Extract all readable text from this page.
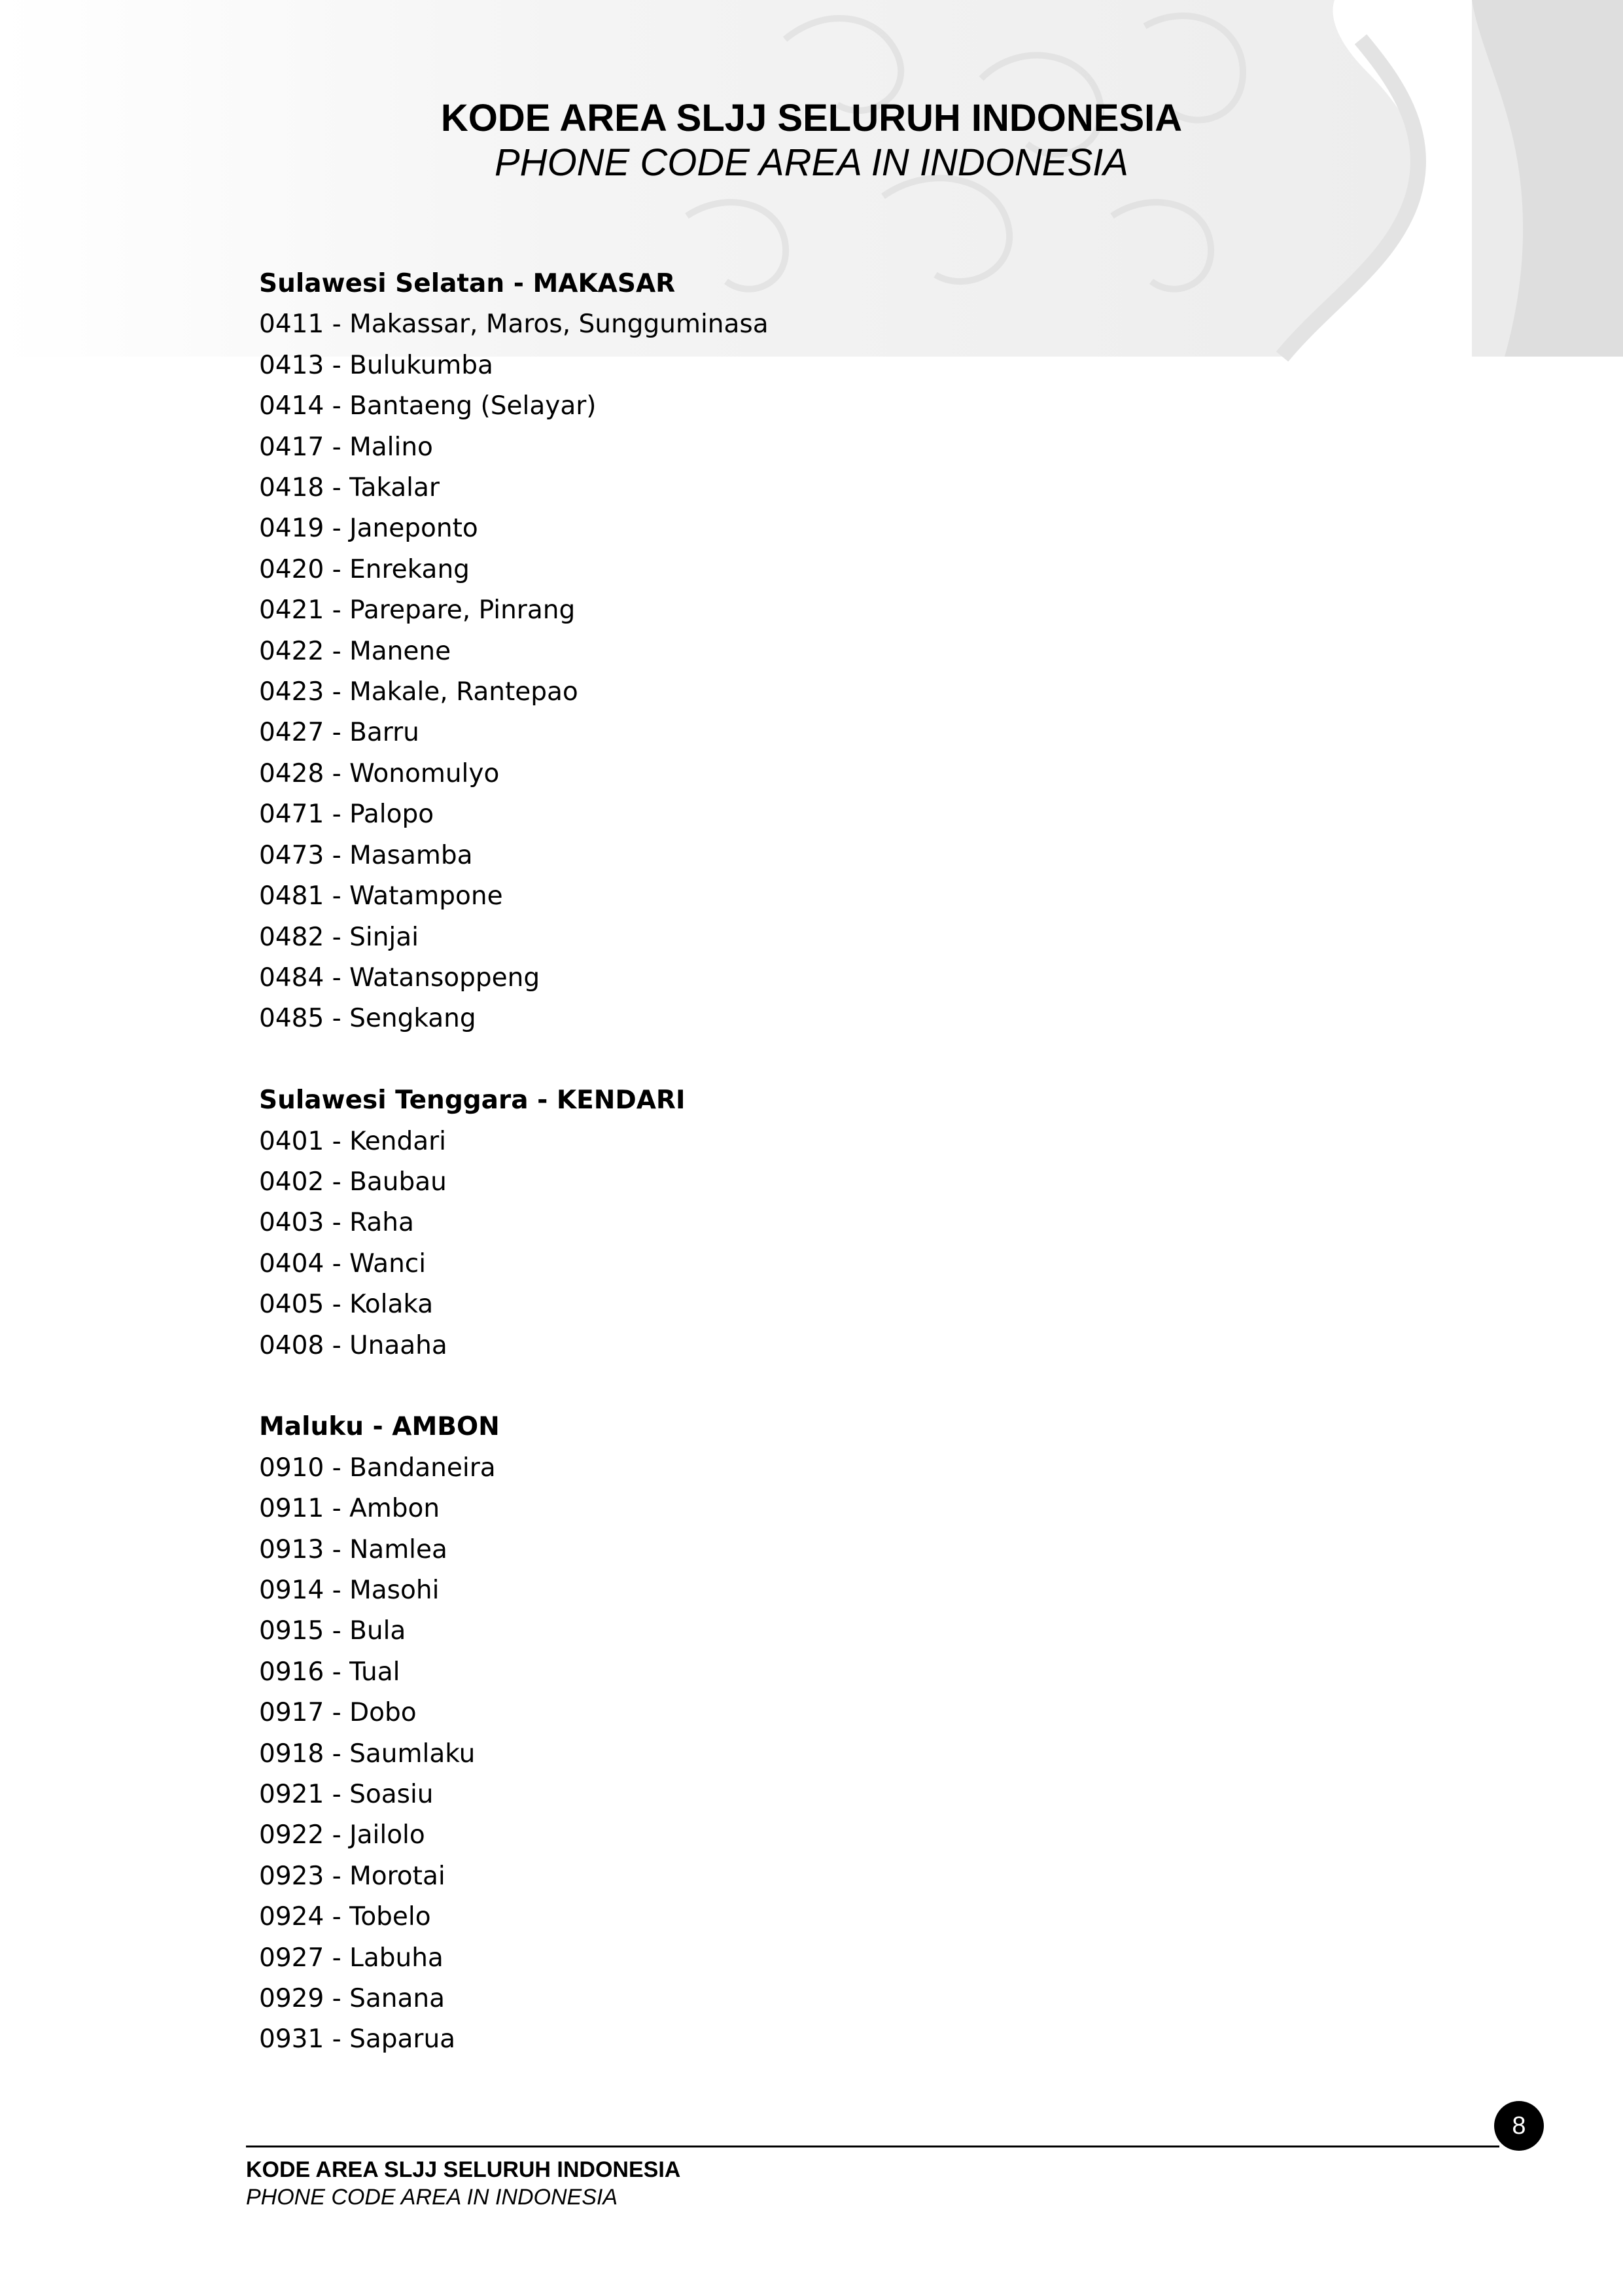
KODE AREA SLJJ SELURUH INDONESIA
PHONE CODE AREA IN INDONESIA
Sulawesi Selatan - MAKASAR
0411 - Makassar, Maros, Sungguminasa
0413 - Bulukumba
0414 - Bantaeng (Selayar)
0417 - Malino
0418 - Takalar
0419 - Janeponto
0420 - Enrekang
0421 - Parepare, Pinrang
0422 - Manene
0423 - Makale, Rantepao
0427 - Barru
0428 - Wonomulyo
0471 - Palopo
0473 - Masamba
0481 - Watampone
0482 - Sinjai
0484 - Watansoppeng
0485 - Sengkang
Sulawesi Tenggara - KENDARI
0401 - Kendari
0402 - Baubau
0403 - Raha
0404 - Wanci
0405 - Kolaka
0408 - Unaaha
Maluku - AMBON
0910 - Bandaneira
0911 - Ambon
0913 - Namlea
0914 - Masohi
0915 - Bula
0916 - Tual
0917 - Dobo
0918 - Saumlaku
0921 - Soasiu
0922 - Jailolo
0923 - Morotai
0924 - Tobelo
0927 - Labuha
0929 - Sanana
0931 - Saparua
8
KODE AREA SLJJ SELURUH INDONESIA
PHONE CODE AREA IN INDONESIA
